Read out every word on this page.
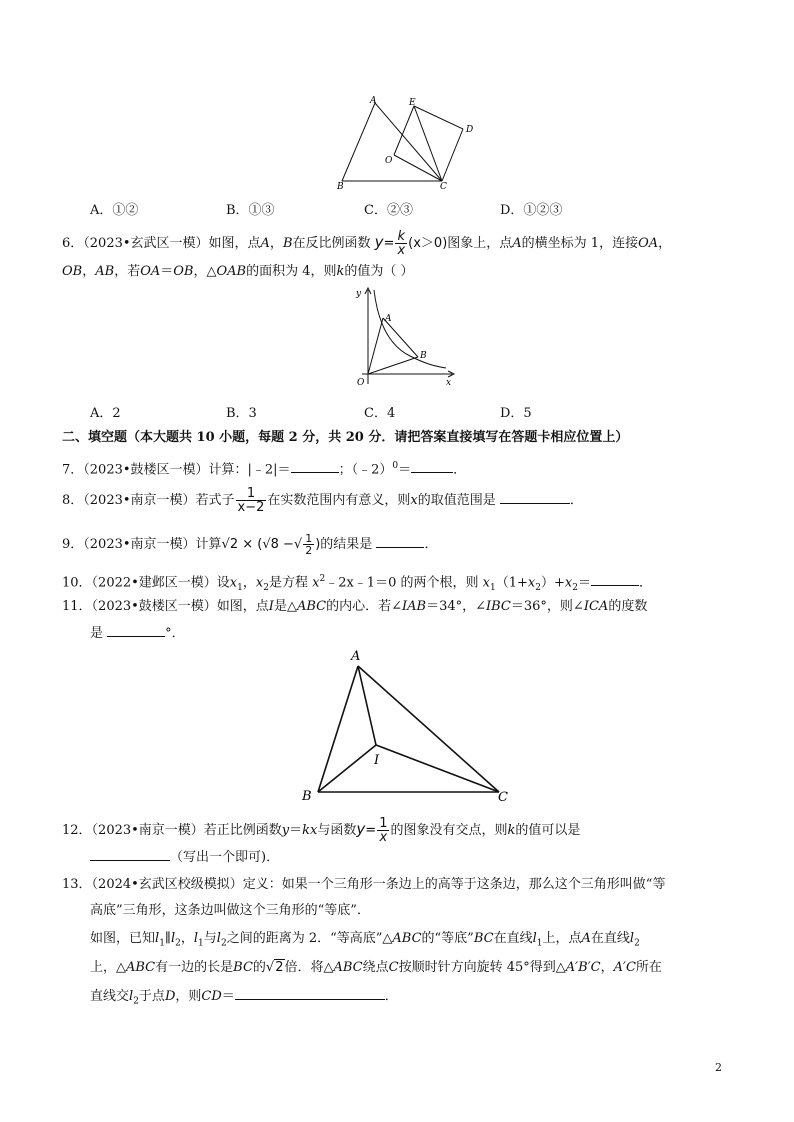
A	E
D
O
B	C
A．①②	B．①③	C．②③	D．①②③
6．（2023•玄武区一模）如图，点A，B在反比例函数 $y= \frac{k}{x} (x>0)$图象上，点A的横坐标为 1，连接OA，
OB，AB，若OA＝OB，△OAB的面积为 4，则k的值为（ ）
y
A
B
O	x
A．2	B．3	C．4	D．5
二、填空题（本大题共 10 小题，每题 2 分，共 20 分．请把答案直接填写在答题卡相应位置上）
7．（2023•鼓楼区一模）计算：|﹣2|＝	；（﹣2）$^0$＝	．
8．（2023•南京一模）若式子 $\frac{1}{x-2}$ 在实数范围内有意义，则x的取值范围是	．
9．（2023•南京一模）计算√2 × (√8 −√ $\frac{1}{2}$ )的结果是	．
10．（2022•建邺区一模）设$x_1$，$x_2$是方程 $x^2﹣2x﹣1=0$ 的两个根，则 $x_1(1+x_2)+x_2=$	．
11．（2023•鼓楼区一模）如图，点I是△ABC的内心．若∠IAB＝34°，∠IBC＝36°，则∠ICA的度数
是	°．
A
I
B	C
12．（2023•南京一模）若正比例函数y＝kx与函数$y= \frac{1}{x}$ 的图象没有交点，则k的值可以是
（写出一个即可)．
13．（2024•玄武区校级模拟）定义：如果一个三角形一条边上的高等于这条边，那么这个三角形叫做“等
高底”三角形，这条边叫做这个三角形的“等底”．
如图，已知$l_1\parallel l_2$，$l_1$与$l_2$之间的距离为 2．“等高底”△ABC的“等底”BC在直线$l_1$上，点A在直线$l_2$
上，△ABC有一边的长是BC的√2倍．将△ABC绕点C按顺时针方向旋转 45°得到△A′B′C，A′C所在
直线交$l_2$于点D，则CD＝	．
2
